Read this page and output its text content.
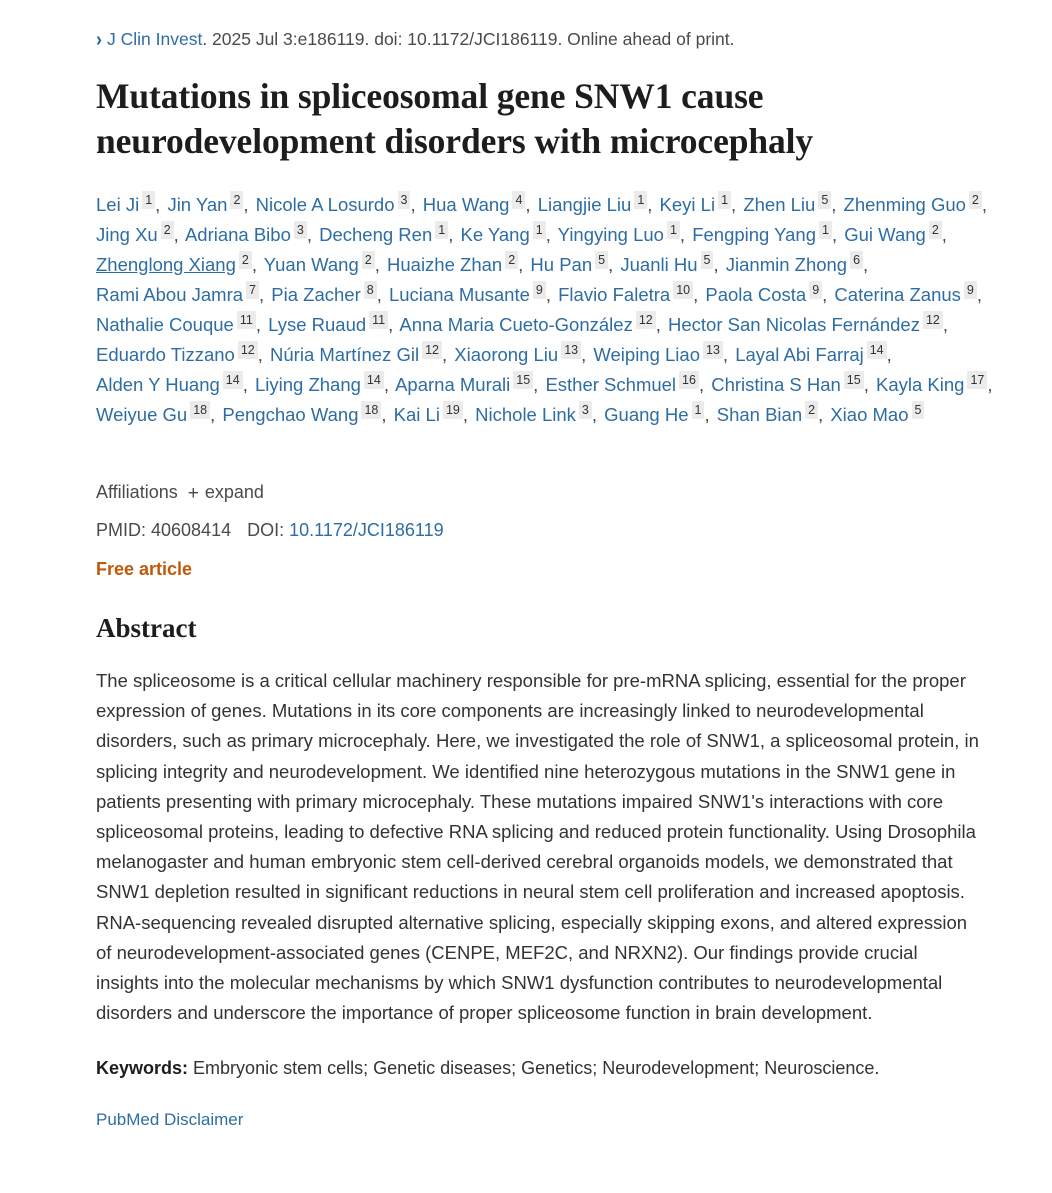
› J Clin Invest. 2025 Jul 3:e186119. doi: 10.1172/JCI186119. Online ahead of print.
Mutations in spliceosomal gene SNW1 cause neurodevelopment disorders with microcephaly
Lei Ji $^1$ , Jin Yan $^2$ , Nicole A Losurdo $^3$ , Hua Wang $^4$ , Liangjie Liu $^1$ , Keyi Li $^1$ , Zhen Liu $^5$ , Zhenming Guo $^2$ , Jing Xu $^2$ , Adriana Bibo $^3$ , Decheng Ren $^1$ , Ke Yang $^1$ , Yingying Luo $^1$ , Fengping Yang $^1$ , Gui Wang $^2$ , Zhenglong Xiang $^2$ , Yuan Wang $^2$ , Huaizhe Zhan $^2$ , Hu Pan $^5$ , Juanli Hu $^5$ , Jianmin Zhong $^6$ , Rami Abou Jamra $^7$ , Pia Zacher $^8$ , Luciana Musante $^9$ , Flavio Faletra $^{10}$ , Paola Costa $^9$ , Caterina Zanus $^9$ , Nathalie Couque $^{11}$ , Lyse Ruaud $^{11}$ , Anna Maria Cueto-González $^{12}$ , Hector San Nicolas Fernández $^{12}$ , Eduardo Tizzano $^{12}$ , Núria Martínez Gil $^{12}$ , Xiaorong Liu $^{13}$ , Weiping Liao $^{13}$ , Layal Abi Farraj $^{14}$ , Alden Y Huang $^{14}$ , Liying Zhang $^{14}$ , Aparna Murali $^{15}$ , Esther Schmuel $^{16}$ , Christina S Han $^{15}$ , Kayla King $^{17}$ , Weiyue Gu $^{18}$ , Pengchao Wang $^{18}$ , Kai Li $^{19}$ , Nichole Link $^3$ , Guang He $^1$ , Shan Bian $^2$ , Xiao Mao $^5$
Affiliations + expand
PMID: 40608414 DOI: 10.1172/JCI186119
Free article
Abstract

The spliceosome is a critical cellular machinery responsible for pre-mRNA splicing, essential for the proper expression of genes. Mutations in its core components are increasingly linked to neurodevelopmental disorders, such as primary microcephaly. Here, we investigated the role of SNW1, a spliceosomal protein, in splicing integrity and neurodevelopment. We identified nine heterozygous mutations in the SNW1 gene in patients presenting with primary microcephaly. These mutations impaired SNW1's interactions with core spliceosomal proteins, leading to defective RNA splicing and reduced protein functionality. Using Drosophila melanogaster and human embryonic stem cell-derived cerebral organoids models, we demonstrated that SNW1 depletion resulted in significant reductions in neural stem cell proliferation and increased apoptosis. RNA-sequencing revealed disrupted alternative splicing, especially skipping exons, and altered expression of neurodevelopment-associated genes (CENPE, MEF2C, and NRXN2). Our findings provide crucial insights into the molecular mechanisms by which SNW1 dysfunction contributes to neurodevelopmental disorders and underscore the importance of proper spliceosome function in brain development.

Keywords: Embryonic stem cells; Genetic diseases; Genetics; Neurodevelopment; Neuroscience.
PubMed Disclaimer
